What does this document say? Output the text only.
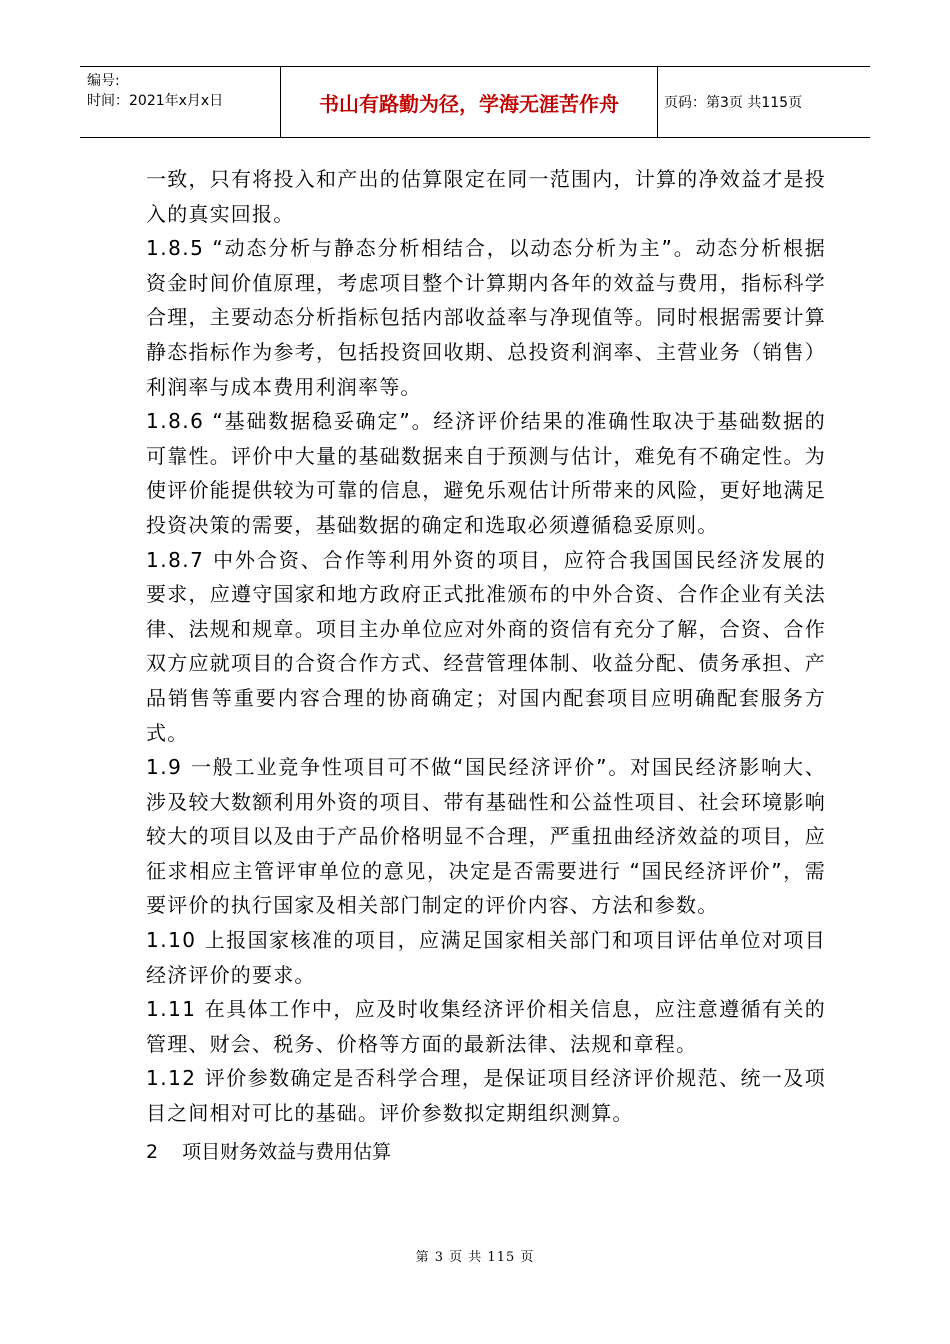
编号:
时间：2021年x月x日	书山有路勤为径，学海无涯苦作舟	页码：第3页 共115页

一致，只有将投入和产出的估算限定在同一范围内，计算的净效益才是投入的真实回报。

1.8.5 “动态分析与静态分析相结合，以动态分析为主”。动态分析根据资金时间价值原理，考虑项目整个计算期内各年的效益与费用，指标科学合理，主要动态分析指标包括内部收益率与净现值等。同时根据需要计算静态指标作为参考，包括投资回收期、总投资利润率、主营业务（销售）利润率与成本费用利润率等。

1.8.6 “基础数据稳妥确定”。经济评价结果的准确性取决于基础数据的可靠性。评价中大量的基础数据来自于预测与估计，难免有不确定性。为使评价能提供较为可靠的信息，避免乐观估计所带来的风险，更好地满足投资决策的需要，基础数据的确定和选取必须遵循稳妥原则。

1.8.7 中外合资、合作等利用外资的项目，应符合我国国民经济发展的要求，应遵守国家和地方政府正式批准颁布的中外合资、合作企业有关法律、法规和规章。项目主办单位应对外商的资信有充分了解，合资、合作双方应就项目的合资合作方式、经营管理体制、收益分配、债务承担、产品销售等重要内容合理的协商确定；对国内配套项目应明确配套服务方式。

1.9 一般工业竞争性项目可不做“国民经济评价”。对国民经济影响大、涉及较大数额利用外资的项目、带有基础性和公益性项目、社会环境影响较大的项目以及由于产品价格明显不合理，严重扭曲经济效益的项目，应征求相应主管评审单位的意见，决定是否需要进行 “国民经济评价”，需要评价的执行国家及相关部门制定的评价内容、方法和参数。

1.10 上报国家核准的项目，应满足国家相关部门和项目评估单位对项目经济评价的要求。

1.11 在具体工作中，应及时收集经济评价相关信息，应注意遵循有关的管理、财会、税务、价格等方面的最新法律、法规和章程。

1.12 评价参数确定是否科学合理，是保证项目经济评价规范、统一及项目之间相对可比的基础。评价参数拟定期组织测算。

2 项目财务效益与费用估算
第 3 页 共 115 页
